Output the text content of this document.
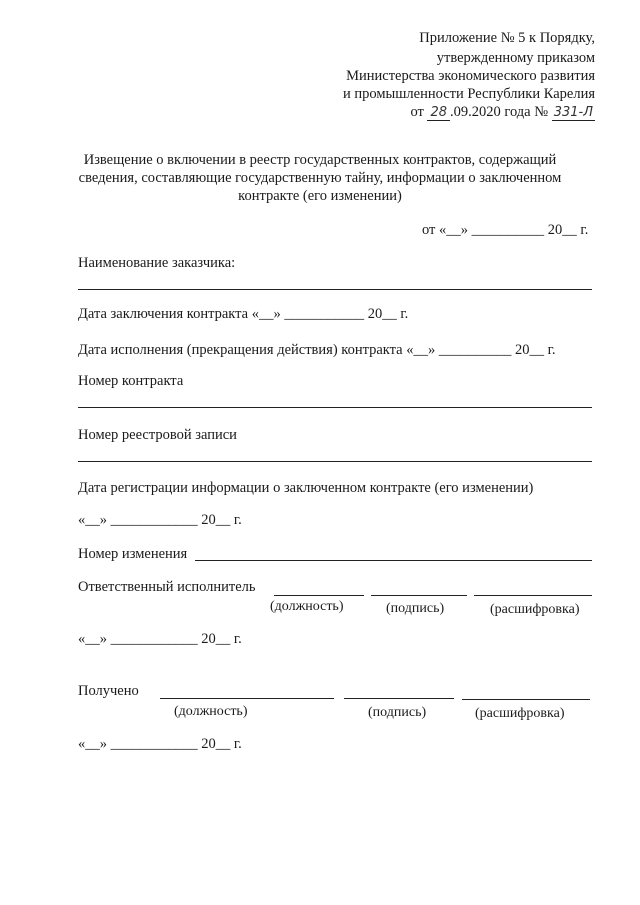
Приложение № 5 к Порядку,
утвержденному приказом
Министерства экономического развития
и промышленности Республики Карелия
от 28 .09.2020 года № 331-Л
Извещение о включении в реестр государственных контрактов, содержащий
сведения, составляющие государственную тайну, информации о заключенном
контракте (его изменении)
от «__» __________ 20__ г.
Наименование заказчика:
Дата заключения контракта «__» ___________ 20__ г.
Дата исполнения (прекращения действия) контракта «__» __________ 20__ г.
Номер контракта
Номер реестровой записи
Дата регистрации информации о заключенном контракте (его изменении)
«__» ____________ 20__ г.
Номер изменения
Ответственный исполнитель
(должность)	(подпись)	(расшифровка)
«__» ____________ 20__ г.
Получено
(должность)	(подпись)	(расшифровка)
«__» ____________ 20__ г.
